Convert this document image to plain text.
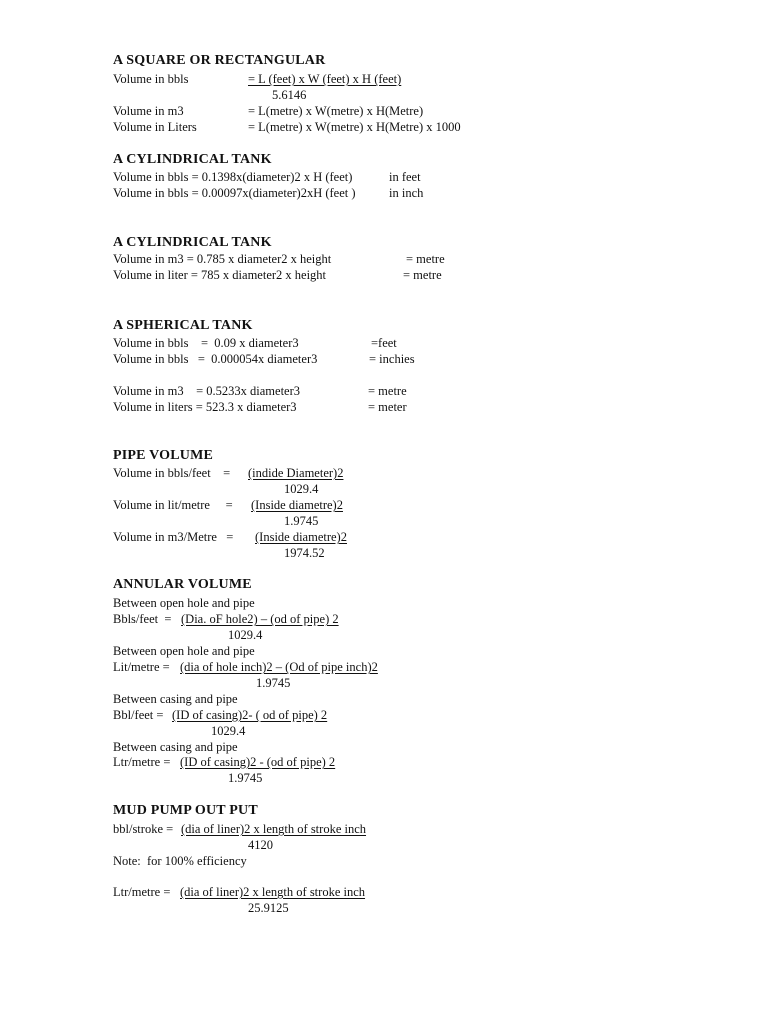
A SQUARE OR RECTANGULAR
Volume in bbls	= L (feet) x W (feet) x H (feet)
5.6146
Volume in m3	= L(metre) x W(metre) x H(Metre)
Volume in Liters	= L(metre) x W(metre) x H(Metre) x 1000
A CYLINDRICAL TANK
Volume in bbls = 0.1398x(diameter)2 x H (feet)	in feet
Volume in bbls = 0.00097x(diameter)2xH (feet )	in inch
A CYLINDRICAL TANK
Volume in m3 = 0.785 x diameter2 x height	= metre
Volume in liter = 785 x diameter2 x height	= metre
A SPHERICAL TANK
Volume in bbls    =  0.09 x diameter3	=feet
Volume in bbls   =  0.000054x diameter3	= inchies
Volume in m3    = 0.5233x diameter3	= metre
Volume in liters = 523.3 x diameter3	= meter
PIPE VOLUME
Volume in bbls/feet    = (indide Diameter)2
1029.4
Volume in lit/metre     = (Inside diametre)2
1.9745
Volume in m3/Metre   = (Inside diametre)2
1974.52
ANNULAR VOLUME
Between open hole and pipe
Bbls/feet  = (Dia. oF hole2) – (od of pipe) 2
1029.4
Between open hole and pipe
Lit/metre = (dia of hole inch)2 – (Od of pipe inch)2
1.9745
Between casing and pipe
Bbl/feet = (ID of casing)2- ( od of pipe) 2
1029.4
Between casing and pipe
Ltr/metre = (ID of casing)2 - (od of pipe) 2
1.9745
MUD PUMP OUT PUT
bbl/stroke = (dia of liner)2 x length of stroke inch
4120
Note:  for 100% efficiency
Ltr/metre = (dia of liner)2 x length of stroke inch
25.9125
